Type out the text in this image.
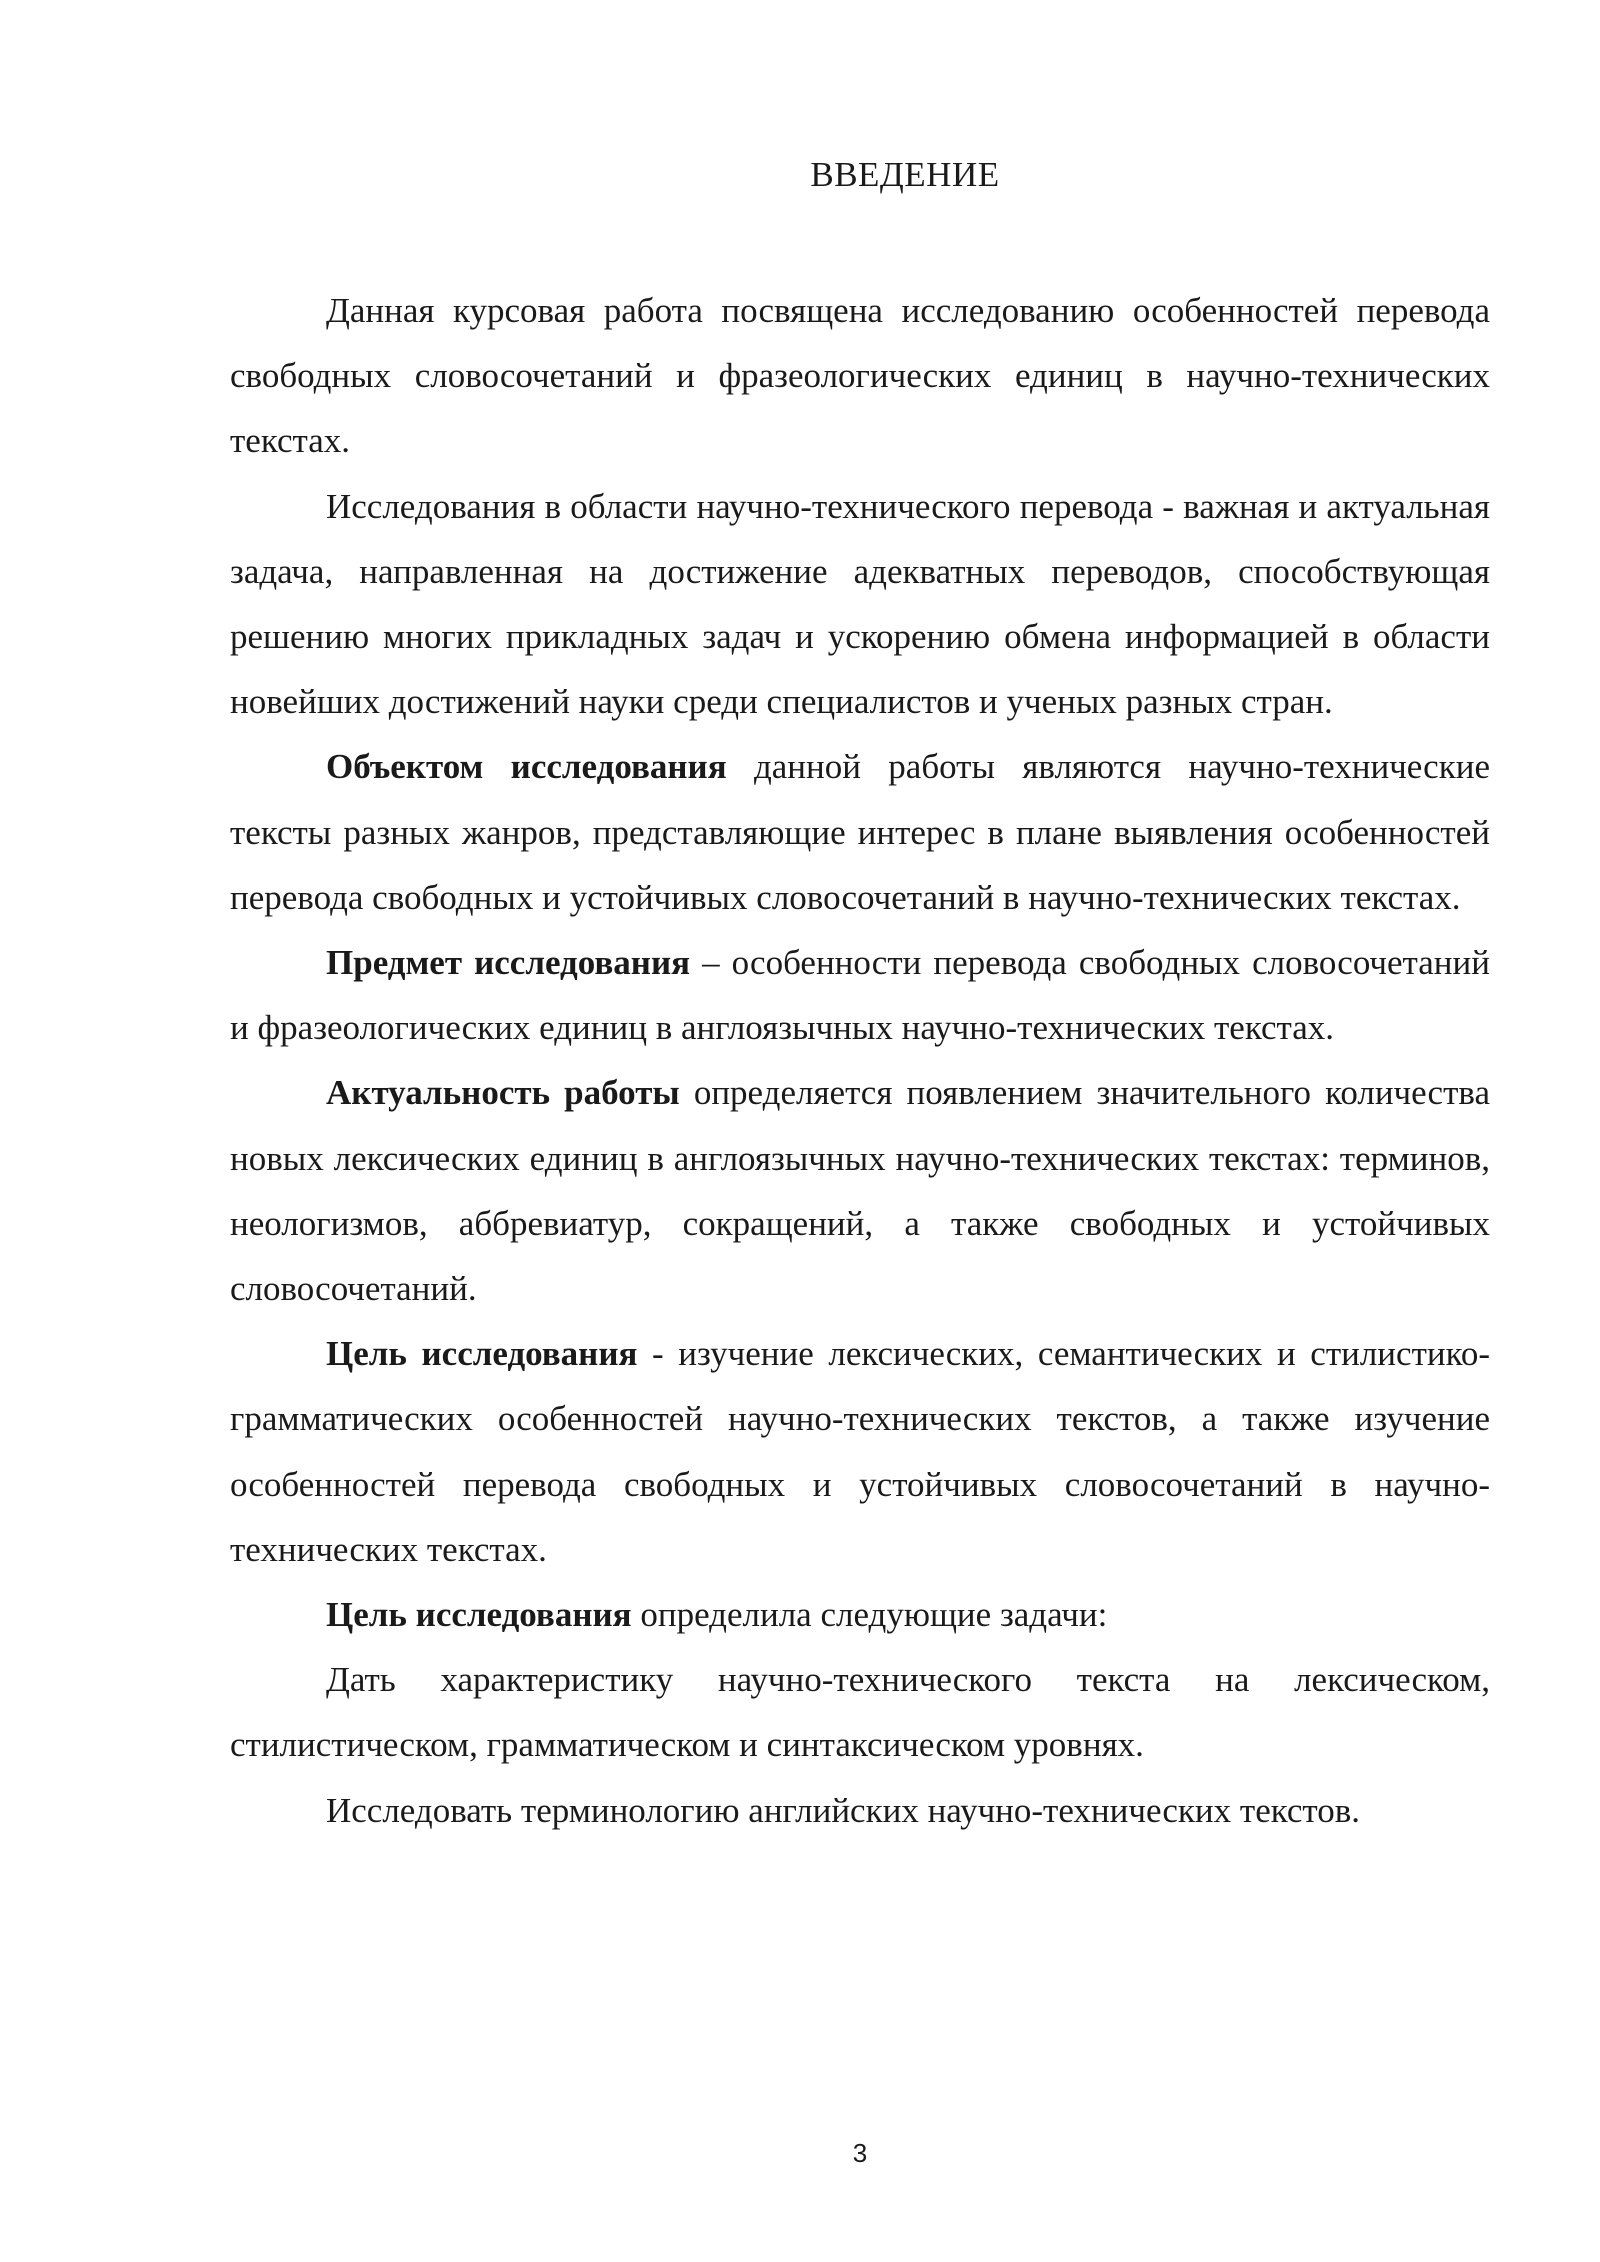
ВВЕДЕНИЕ

Данная курсовая работа посвящена исследованию особенностей перевода свободных словосочетаний и фразеологических единиц в научно-технических текстах.

Исследования в области научно-технического перевода - важная и актуальная задача, направленная на достижение адекватных переводов, способствующая решению многих прикладных задач и ускорению обмена информацией в области новейших достижений науки среди специалистов и ученых разных стран.

Объектом исследования данной работы являются научно-технические тексты разных жанров, представляющие интерес в плане выявления особенностей перевода свободных и устойчивых словосочетаний в научно-технических текстах.

Предмет исследования – особенности перевода свободных словосочетаний и фразеологических единиц в англоязычных научно-технических текстах.

Актуальность работы определяется появлением значительного количества новых лексических единиц в англоязычных научно-технических текстах: терминов, неологизмов, аббревиатур, сокращений, а также свободных и устойчивых словосочетаний.

Цель исследования - изучение лексических, семантических и стилистико-грамматических особенностей научно-технических текстов, а также изучение особенностей перевода свободных и устойчивых словосочетаний в научно-технических текстах.

Цель исследования определила следующие задачи:

Дать характеристику научно-технического текста на лексическом, стилистическом, грамматическом и синтаксическом уровнях.

Исследовать терминологию английских научно-технических текстов.

3
